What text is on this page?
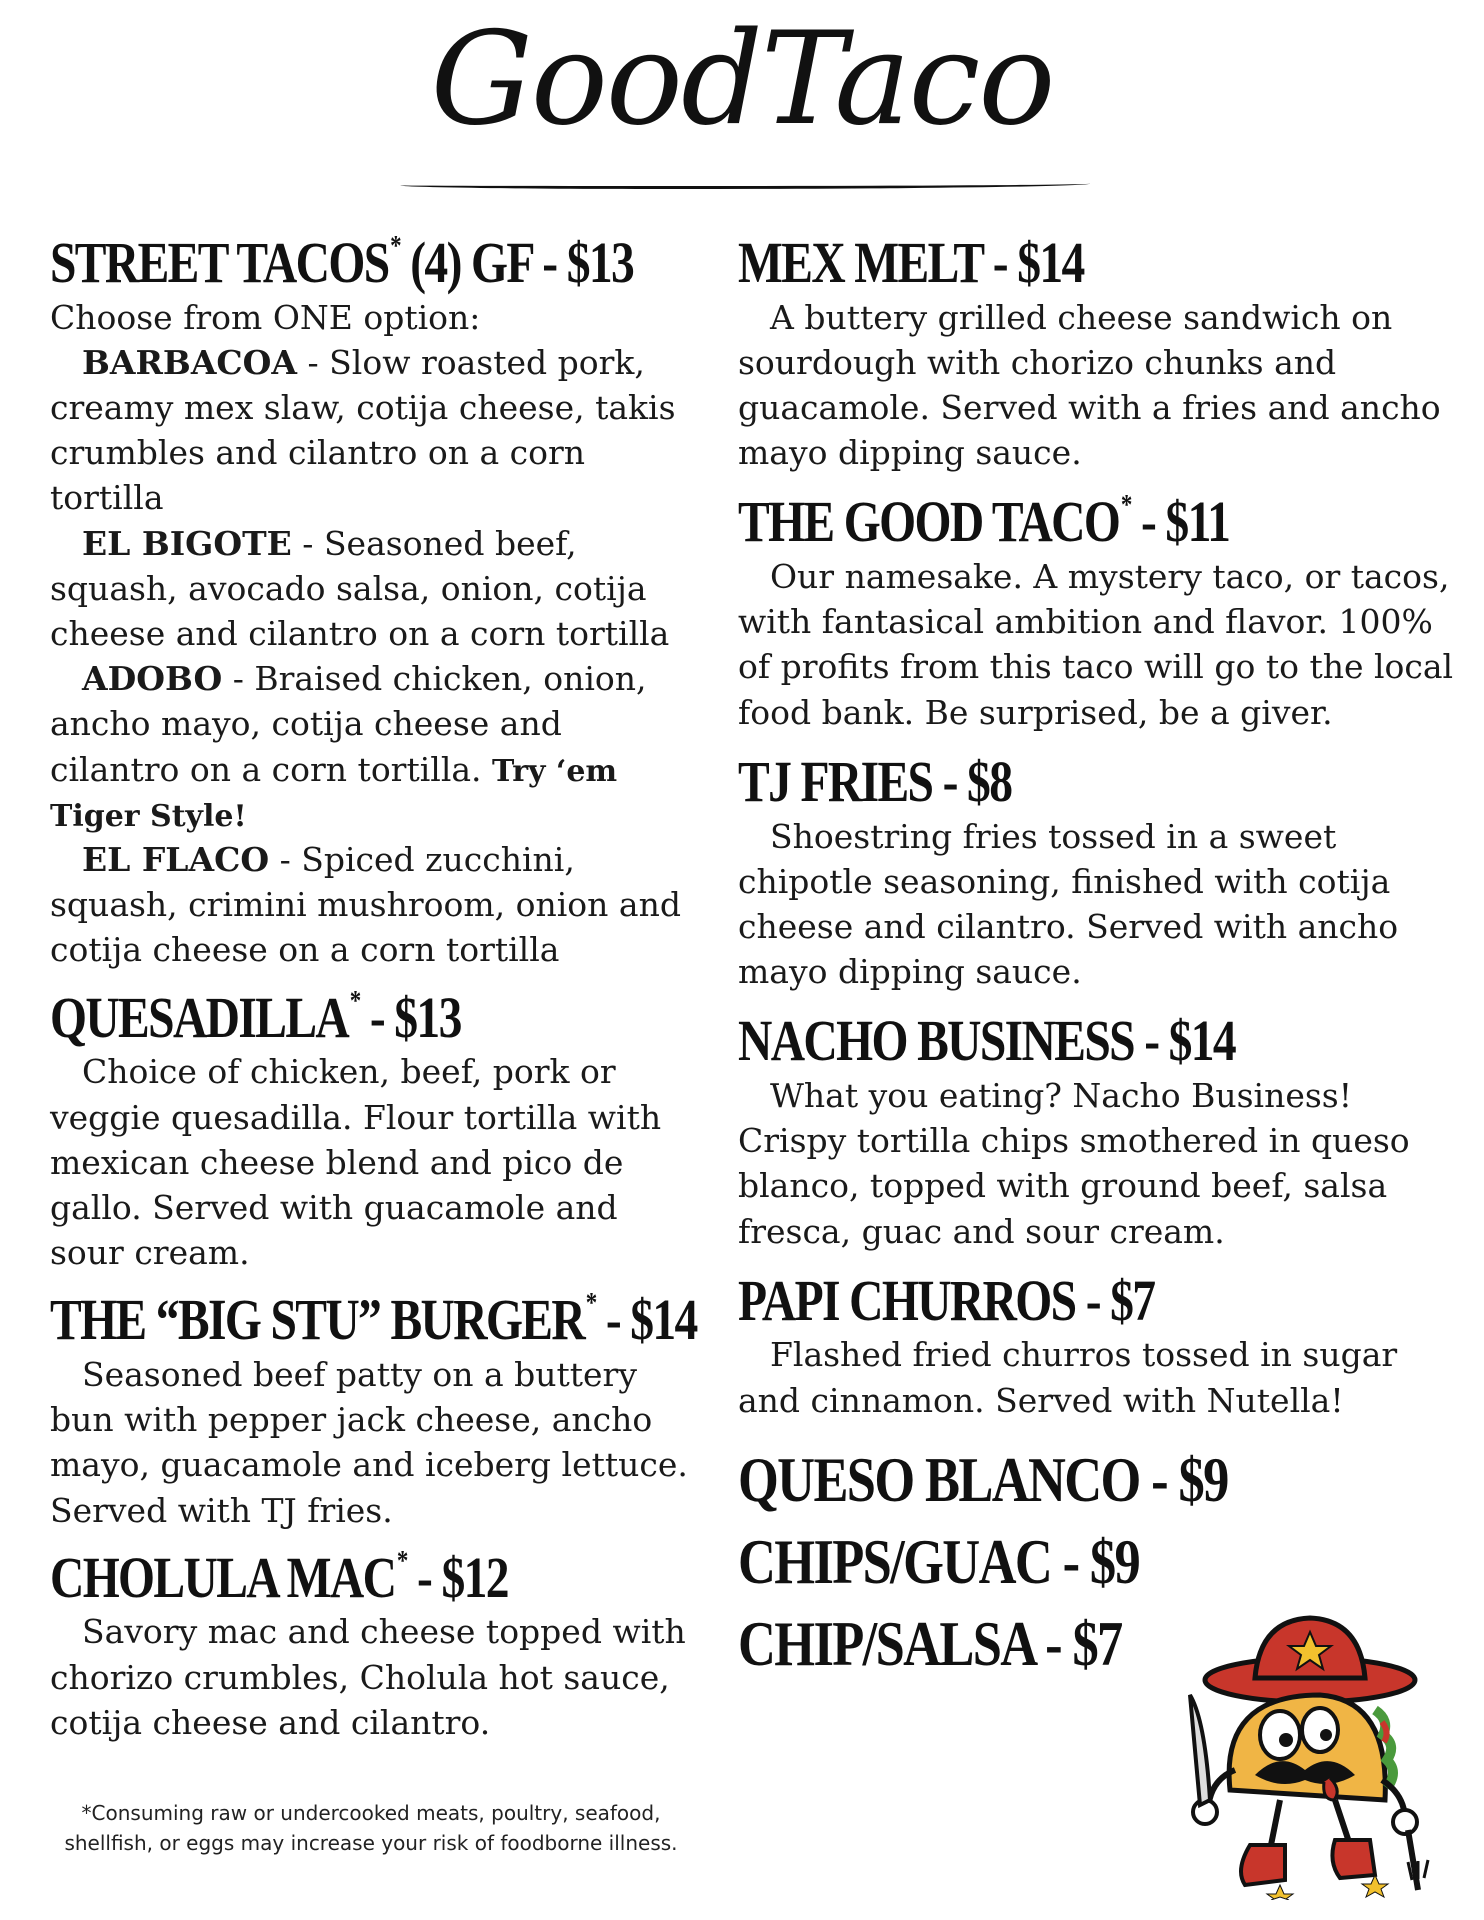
GoodTaco
STREET TACOS* (4) GF - $13

Choose from ONE option:

BARBACOA - Slow roasted pork, creamy mex slaw, cotija cheese, takis crumbles and cilantro on a corn tortilla

EL BIGOTE - Seasoned beef, squash, avocado salsa, onion, cotija cheese and cilantro on a corn tortilla

ADOBO - Braised chicken, onion, ancho mayo, cotija cheese and cilantro on a corn tortilla. Try ‘em Tiger Style!

EL FLACO - Spiced zucchini, squash, crimini mushroom, onion and cotija cheese on a corn tortilla

QUESADILLA* - $13

Choice of chicken, beef, pork or veggie quesadilla. Flour tortilla with mexican cheese blend and pico de gallo. Served with guacamole and sour cream.

THE “BIG STU” BURGER* - $14

Seasoned beef patty on a buttery bun with pepper jack cheese, ancho mayo, guacamole and iceberg lettuce. Served with TJ fries.

CHOLULA MAC* - $12

Savory mac and cheese topped with chorizo crumbles, Cholula hot sauce, cotija cheese and cilantro.

*Consuming raw or undercooked meats, poultry, seafood, shellfish, or eggs may increase your risk of foodborne illness.
MEX MELT - $14

A buttery grilled cheese sandwich on sourdough with chorizo chunks and guacamole. Served with a fries and ancho mayo dipping sauce.

THE GOOD TACO* - $11

Our namesake. A mystery taco, or tacos, with fantasical ambition and flavor. 100% of profits from this taco will go to the local food bank. Be surprised, be a giver.

TJ FRIES - $8

Shoestring fries tossed in a sweet chipotle seasoning, finished with cotija cheese and cilantro. Served with ancho mayo dipping sauce.

NACHO BUSINESS - $14

What you eating? Nacho Business! Crispy tortilla chips smothered in queso blanco, topped with ground beef, salsa fresca, guac and sour cream.

PAPI CHURROS - $7

Flashed fried churros tossed in sugar and cinnamon. Served with Nutella!

QUESO BLANCO - $9
CHIPS/GUAC - $9
CHIP/SALSA - $7
